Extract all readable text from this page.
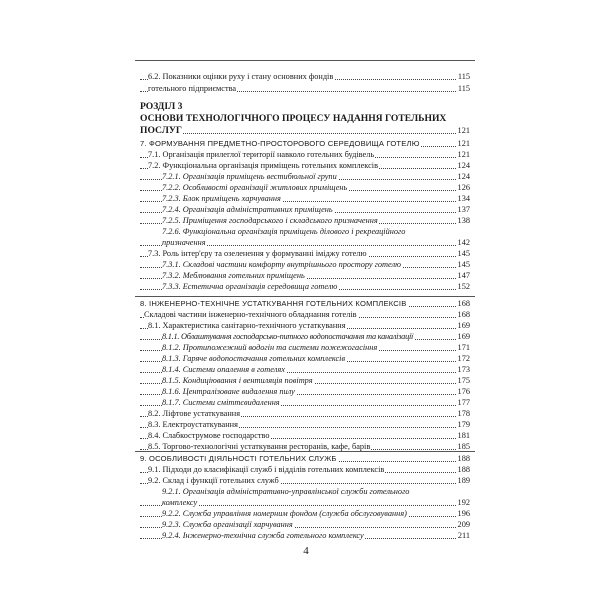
6.2. Показники оцінки руху і стану основних фондів	115
готельного підприємства	115
РОЗДІЛ 3
ОСНОВИ ТЕХНОЛОГІЧНОГО ПРОЦЕСУ НАДАННЯ ГОТЕЛЬНИХ
ПОСЛУГ	121
7. ФОРМУВАННЯ ПРЕДМЕТНО-ПРОСТОРОВОГО СЕРЕДОВИЩА ГОТЕЛЮ	121
7.1. Організація прилеглої території навколо готельних будівель	121
7.2. Функціональна організація приміщень готельних комплексів	124
7.2.1. Організація приміщень вестибюльної групи	124
7.2.2. Особливості організації житлових приміщень	126
7.2.3. Блок приміщень харчування	134
7.2.4. Організація адміністративних приміщень	137
7.2.5. Приміщення господарського і складського призначення	138
7.2.6. Функціональна організація приміщень ділового і рекреаційного
призначення	142
7.3. Роль інтер'єру та озеленення у формуванні іміджу готелю	145
7.3.1. Складові частини комфорту внутрішнього простору готелю	145
7.3.2. Меблювання готельних приміщень	147
7.3.3. Естетична організація середовища готелю	152
8. ІНЖЕНЕРНО-ТЕХНІЧНЕ УСТАТКУВАННЯ ГОТЕЛЬНИХ КОМПЛЕКСІВ	168
Складові частини інженерно-технічного обладнання готелів	168
8.1. Характеристика санітарно-технічного устаткування	169
8.1.1. Облаштування господарсько-питного водопостачання та каналізації	169
8.1.2. Протипожежний водогін та системи пожежогасіння	171
8.1.3. Гаряче водопостачання готельних комплексів	172
8.1.4. Системи опалення в готелях	173
8.1.5. Кондиціювання і вентиляція повітря	175
8.1.6. Централізоване видалення пилу	176
8.1.7. Системи сміттєвидалення	177
8.2. Ліфтове устаткування	178
8.3. Електроустаткування	179
8.4. Слабкострумове господарство	181
8.5. Торгово-технологічні устаткування ресторанів, кафе, барів	185
9. ОСОБЛИВОСТІ ДІЯЛЬНОСТІ ГОТЕЛЬНИХ СЛУЖБ	188
9.1. Підходи до класифікації служб і відділів готельних комплексів	188
9.2. Склад і функції готельних служб	189
9.2.1. Організація адміністративно-управлінської служби готельного
комплексу	192
9.2.2. Служба управління номерним фондом (служба обслуговування)	196
9.2.3. Служба організації харчування	209
9.2.4. Інженерно-технічна служба готельного комплексу	211
4
